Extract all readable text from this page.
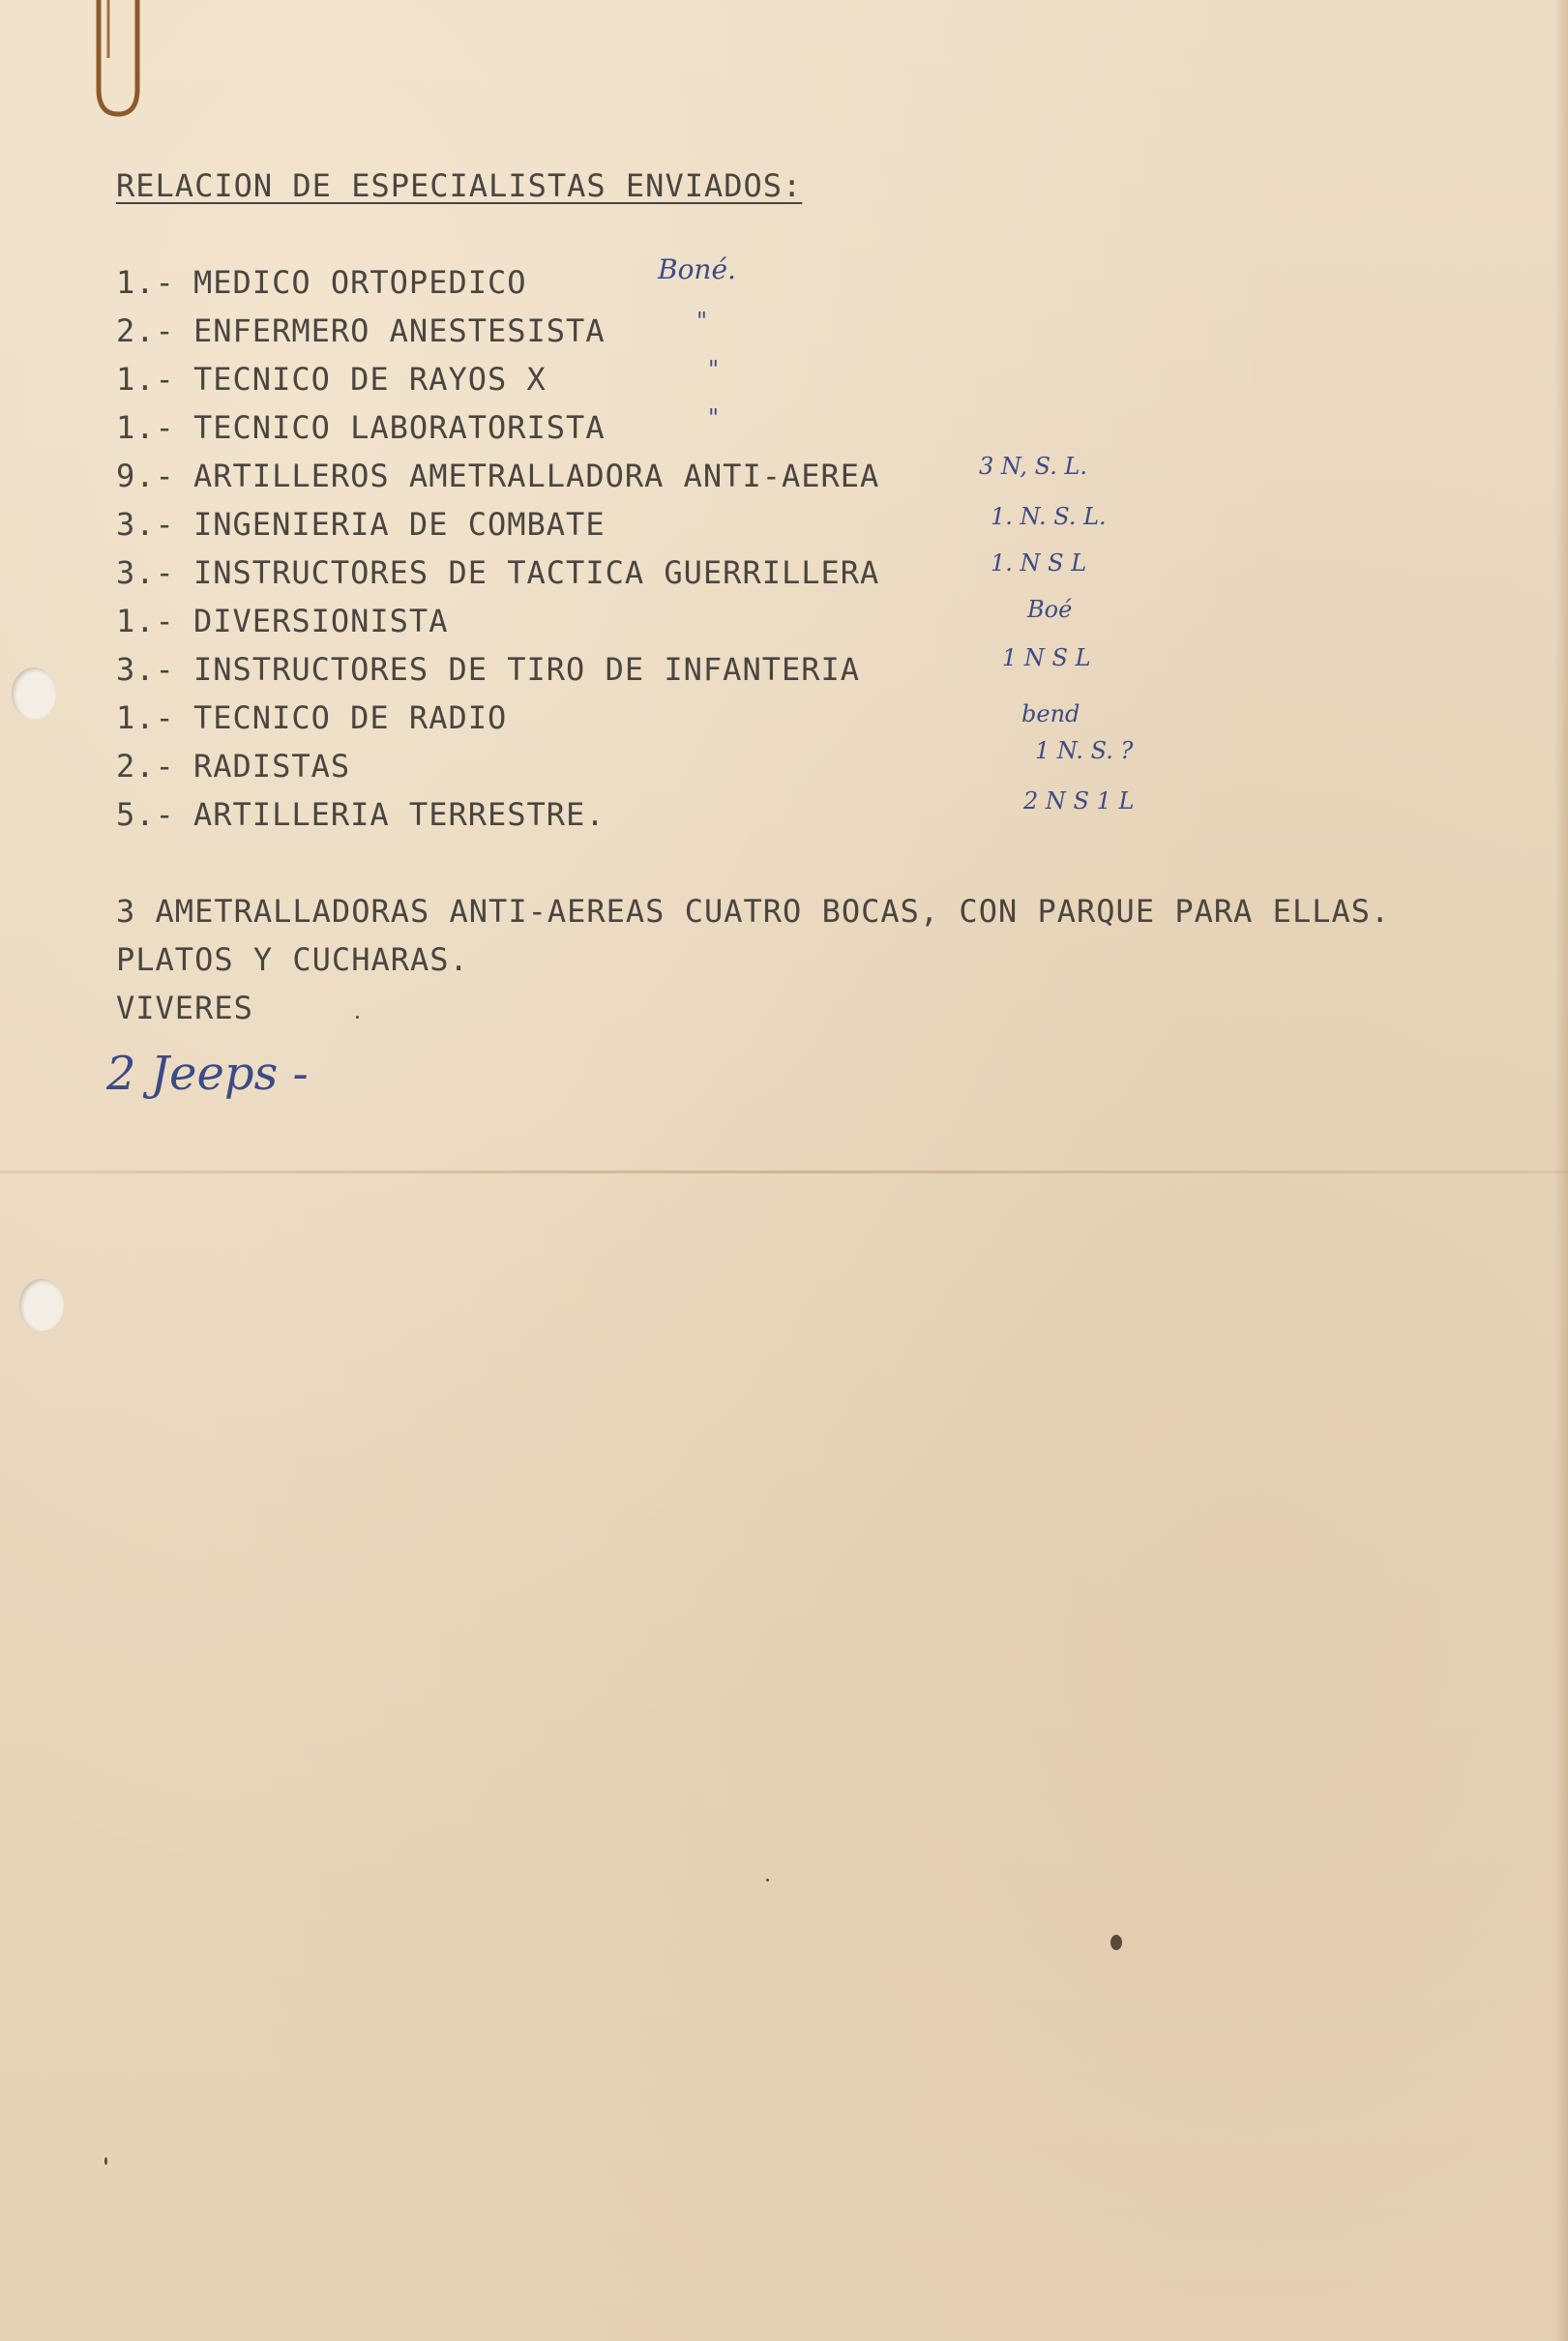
RELACION DE ESPECIALISTAS ENVIADOS:
1.- MEDICO ORTOPEDICO
2.- ENFERMERO ANESTESISTA
1.- TECNICO DE RAYOS X
1.- TECNICO LABORATORISTA
9.- ARTILLEROS AMETRALLADORA ANTI-AEREA
3.- INGENIERIA DE COMBATE
3.- INSTRUCTORES DE TACTICA GUERRILLERA
1.- DIVERSIONISTA
3.- INSTRUCTORES DE TIRO DE INFANTERIA
1.- TECNICO DE RADIO
2.- RADISTAS
5.- ARTILLERIA TERRESTRE.
Boné.
"
"
"
3 N, S. L.
1. N. S. L.
1. N S L
Boé
1 N S L
bend
1 N. S. ?
2 N S 1 L
3 AMETRALLADORAS ANTI-AEREAS CUATRO BOCAS, CON PARQUE PARA ELLAS.
PLATOS Y CUCHARAS.
VIVERES
2 Jeeps -
